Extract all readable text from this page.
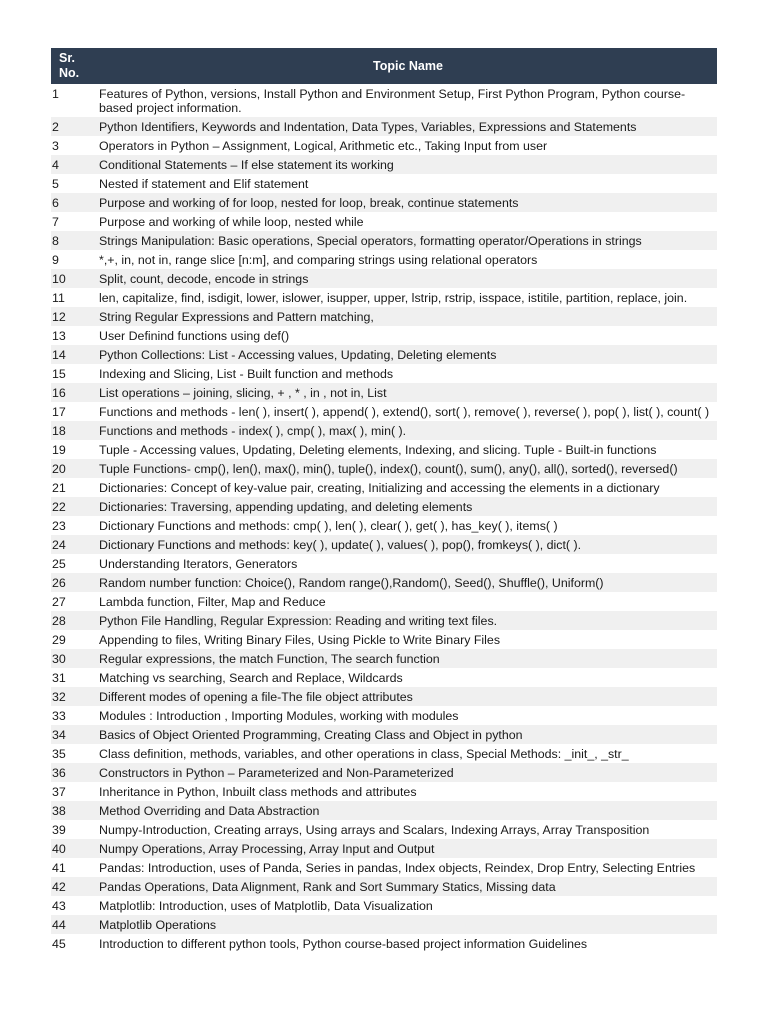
Sr. No.	Topic Name
1	Features of Python, versions, Install Python and Environment Setup, First Python Program, Python course-based project information.
2	Python Identifiers, Keywords and Indentation, Data Types, Variables, Expressions and Statements
3	Operators in Python – Assignment, Logical, Arithmetic etc., Taking Input from user
4	Conditional Statements – If else statement its working
5	Nested if statement and Elif statement
6	Purpose and working of for loop, nested for loop, break, continue statements
7	Purpose and working of while loop, nested while
8	Strings Manipulation: Basic operations, Special operators, formatting operator/Operations in strings
9	*,+, in, not in, range slice [n:m], and comparing strings using relational operators
10	Split, count, decode, encode in strings
11	len, capitalize, find, isdigit, lower, islower, isupper, upper, lstrip, rstrip, isspace, istitile, partition, replace, join.
12	String Regular Expressions and Pattern matching,
13	User Definind functions using def()
14	Python Collections: List - Accessing values, Updating, Deleting elements
15	Indexing and Slicing, List - Built function and methods
16	List operations – joining, slicing, + , * , in , not in, List
17	Functions and methods - len( ), insert( ), append( ), extend(), sort( ), remove( ), reverse( ), pop( ), list( ), count( )
18	Functions and methods - index( ), cmp( ), max( ), min( ).
19	Tuple - Accessing values, Updating, Deleting elements, Indexing, and slicing. Tuple - Built-in functions
20	Tuple Functions- cmp(), len(), max(), min(), tuple(), index(), count(), sum(), any(), all(), sorted(), reversed()
21	Dictionaries: Concept of key-value pair, creating, Initializing and accessing the elements in a dictionary
22	Dictionaries: Traversing, appending updating, and deleting elements
23	Dictionary Functions and methods: cmp( ), len( ), clear( ), get( ), has_key( ), items( )
24	Dictionary Functions and methods: key( ), update( ), values( ), pop(), fromkeys( ), dict( ).
25	Understanding Iterators, Generators
26	Random number function: Choice(), Random range(),Random(), Seed(), Shuffle(), Uniform()
27	Lambda function, Filter, Map and Reduce
28	Python File Handling, Regular Expression: Reading and writing text files.
29	Appending to files, Writing Binary Files, Using Pickle to Write Binary Files
30	Regular expressions, the match Function, The search function
31	Matching vs searching, Search and Replace, Wildcards
32	Different modes of opening a file-The file object attributes
33	Modules : Introduction , Importing Modules, working with modules
34	Basics of Object Oriented Programming, Creating Class and Object in python
35	Class definition, methods, variables, and other operations in class, Special Methods: _init_, _str_
36	Constructors in Python – Parameterized and Non-Parameterized
37	Inheritance in Python, Inbuilt class methods and attributes
38	Method Overriding and Data Abstraction
39	Numpy-Introduction, Creating arrays, Using arrays and Scalars, Indexing Arrays, Array Transposition
40	Numpy Operations, Array Processing, Array Input and Output
41	Pandas: Introduction, uses of Panda, Series in pandas, Index objects, Reindex, Drop Entry, Selecting Entries
42	Pandas Operations, Data Alignment, Rank and Sort Summary Statics, Missing data
43	Matplotlib: Introduction, uses of Matplotlib, Data Visualization
44	Matplotlib Operations
45	Introduction to different python tools, Python course-based project information Guidelines
